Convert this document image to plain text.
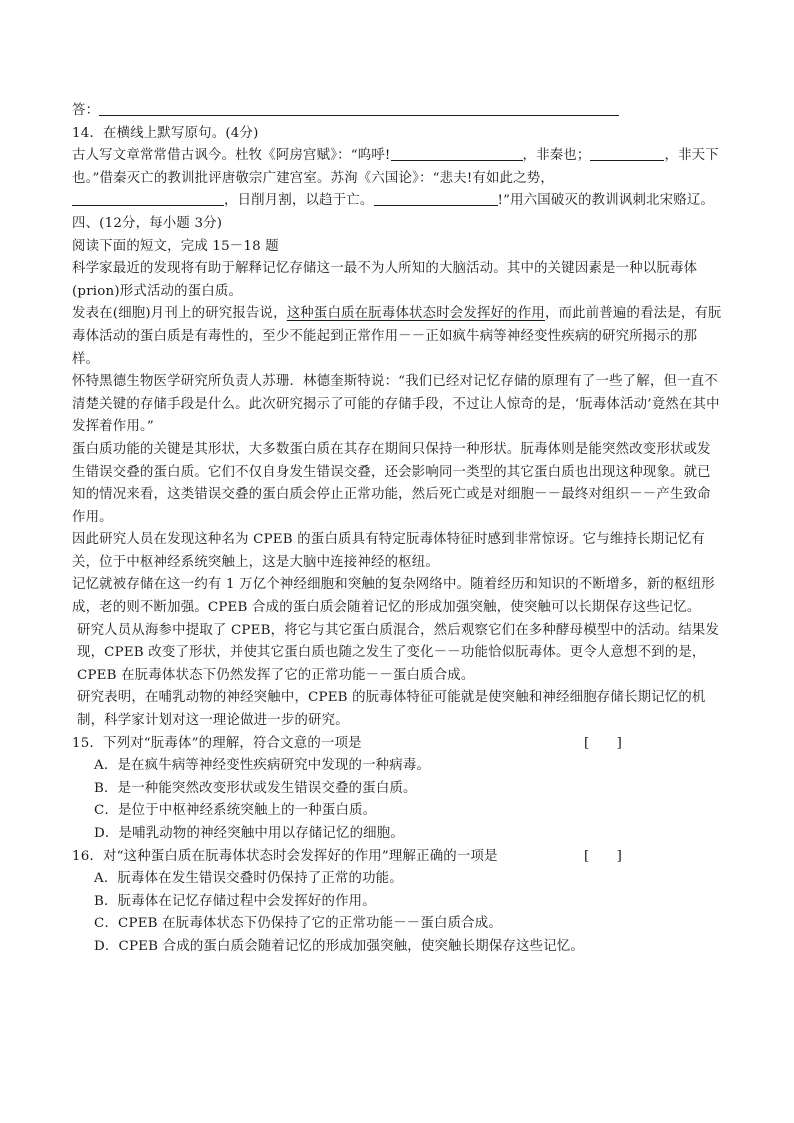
答：

14．在横线上默写原句。(4分)

古人写文章常常借古讽今。杜牧《阿房宫赋》：“呜呼!	，非秦也；	，非天下也。”借秦灭亡的教训批评唐敬宗广建宫室。苏洵《六国论》：“悲夫!有如此之势，
，日削月割，以趋于亡。	!”用六国破灭的教训讽刺北宋赂辽。

四、(12分，每小题 3分)

阅读下面的短文，完成 15－18 题

科学家最近的发现将有助于解释记忆存储这一最不为人所知的大脑活动。其中的关键因素是一种以朊毒体(prion)形式活动的蛋白质。

发表在(细胞)月刊上的研究报告说，这种蛋白质在朊毒体状态时会发挥好的作用，而此前普遍的看法是，有朊毒体活动的蛋白质是有毒性的，至少不能起到正常作用－－正如疯牛病等神经变性疾病的研究所揭示的那样。

怀特黑德生物医学研究所负责人苏珊．林德奎斯特说：“我们已经对记忆存储的原理有了一些了解，但一直不清楚关键的存储手段是什么。此次研究揭示了可能的存储手段，不过让人惊奇的是，‘朊毒体活动’竟然在其中发挥着作用。”

蛋白质功能的关键是其形状，大多数蛋白质在其存在期间只保持一种形状。朊毒体则是能突然改变形状或发生错误交叠的蛋白质。它们不仅自身发生错误交叠，还会影响同一类型的其它蛋白质也出现这种现象。就已知的情况来看，这类错误交叠的蛋白质会停止正常功能，然后死亡或是对细胞－－最终对组织－－产生致命作用。

因此研究人员在发现这种名为 CPEB 的蛋白质具有特定朊毒体特征时感到非常惊讶。它与维持长期记忆有关，位于中枢神经系统突触上，这是大脑中连接神经的枢纽。

记忆就被存储在这一约有 1 万亿个神经细胞和突触的复杂网络中。随着经历和知识的不断增多，新的枢纽形成，老的则不断加强。CPEB 合成的蛋白质会随着记忆的形成加强突触，使突触可以长期保存这些记忆。

研究人员从海参中提取了 CPEB，将它与其它蛋白质混合，然后观察它们在多种酵母模型中的活动。结果发现，CPEB 改变了形状，并使其它蛋白质也随之发生了变化－－功能恰似朊毒体。更令人意想不到的是，CPEB 在朊毒体状态下仍然发挥了它的正常功能－－蛋白质合成。

研究表明，在哺乳动物的神经突触中，CPEB 的朊毒体特征可能就是使突触和神经细胞存储长期记忆的机制，科学家计划对这一理论做进一步的研究。

15．下列对“朊毒体”的理解，符合文意的一项是	[　　]

A．是在疯牛病等神经变性疾病研究中发现的一种病毒。

B．是一种能突然改变形状或发生错误交叠的蛋白质。

C．是位于中枢神经系统突触上的一种蛋白质。

D．是哺乳动物的神经突触中用以存储记忆的细胞。

16．对“这种蛋白质在朊毒体状态时会发挥好的作用”理解正确的一项是	[　　]

A．朊毒体在发生错误交叠时仍保持了正常的功能。

B．朊毒体在记忆存储过程中会发挥好的作用。

C．CPEB 在朊毒体状态下仍保持了它的正常功能－－蛋白质合成。

D．CPEB 合成的蛋白质会随着记忆的形成加强突触，使突触长期保存这些记忆。
